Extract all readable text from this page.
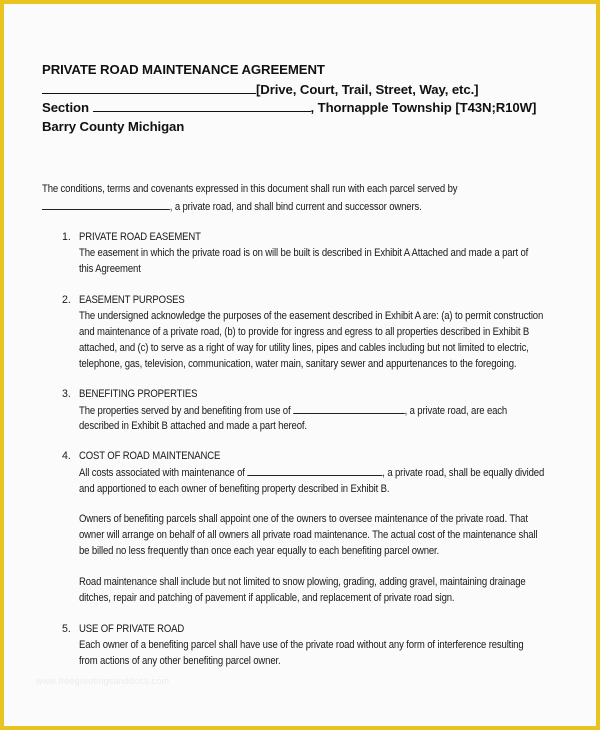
PRIVATE ROAD MAINTENANCE AGREEMENT
[Drive, Court, Trail, Street, Way, etc.]
Section	, Thornapple Township [T43N;R10W]
Barry County Michigan
The conditions, terms and covenants expressed in this document shall run with each parcel served by
, a private road, and shall bind current and successor owners.
1. PRIVATE ROAD EASEMENT
The easement in which the private road is on will be built is described in Exhibit A Attached and made a part of
this Agreement
2. EASEMENT PURPOSES
The undersigned acknowledge the purposes of the easement described in Exhibit A are: (a) to permit construction
and maintenance of a private road, (b) to provide for ingress and egress to all properties described in Exhibit B
attached, and (c) to serve as a right of way for utility lines, pipes and cables including but not limited to electric,
telephone, gas, television, communication, water main, sanitary sewer and appurtenances to the foregoing.
3. BENEFITING PROPERTIES
The properties served by and benefiting from use of	, a private road, are each
described in Exhibit B attached and made a part hereof.
4. COST OF ROAD MAINTENANCE
All costs associated with maintenance of	, a private road, shall be equally divided
and apportioned to each owner of benefiting property described in Exhibit B.
Owners of benefiting parcels shall appoint one of the owners to oversee maintenance of the private road. That
owner will arrange on behalf of all owners all private road maintenance. The actual cost of the maintenance shall
be billed no less frequently than once each year equally to each benefiting parcel owner.
Road maintenance shall include but not limited to snow plowing, grading, adding gravel, maintaining drainage
ditches, repair and patching of pavement if applicable, and replacement of private road sign.
5. USE OF PRIVATE ROAD
Each owner of a benefiting parcel shall have use of the private road without any form of interference resulting
from actions of any other benefiting parcel owner.
www.freegreetingsanddocs.com
